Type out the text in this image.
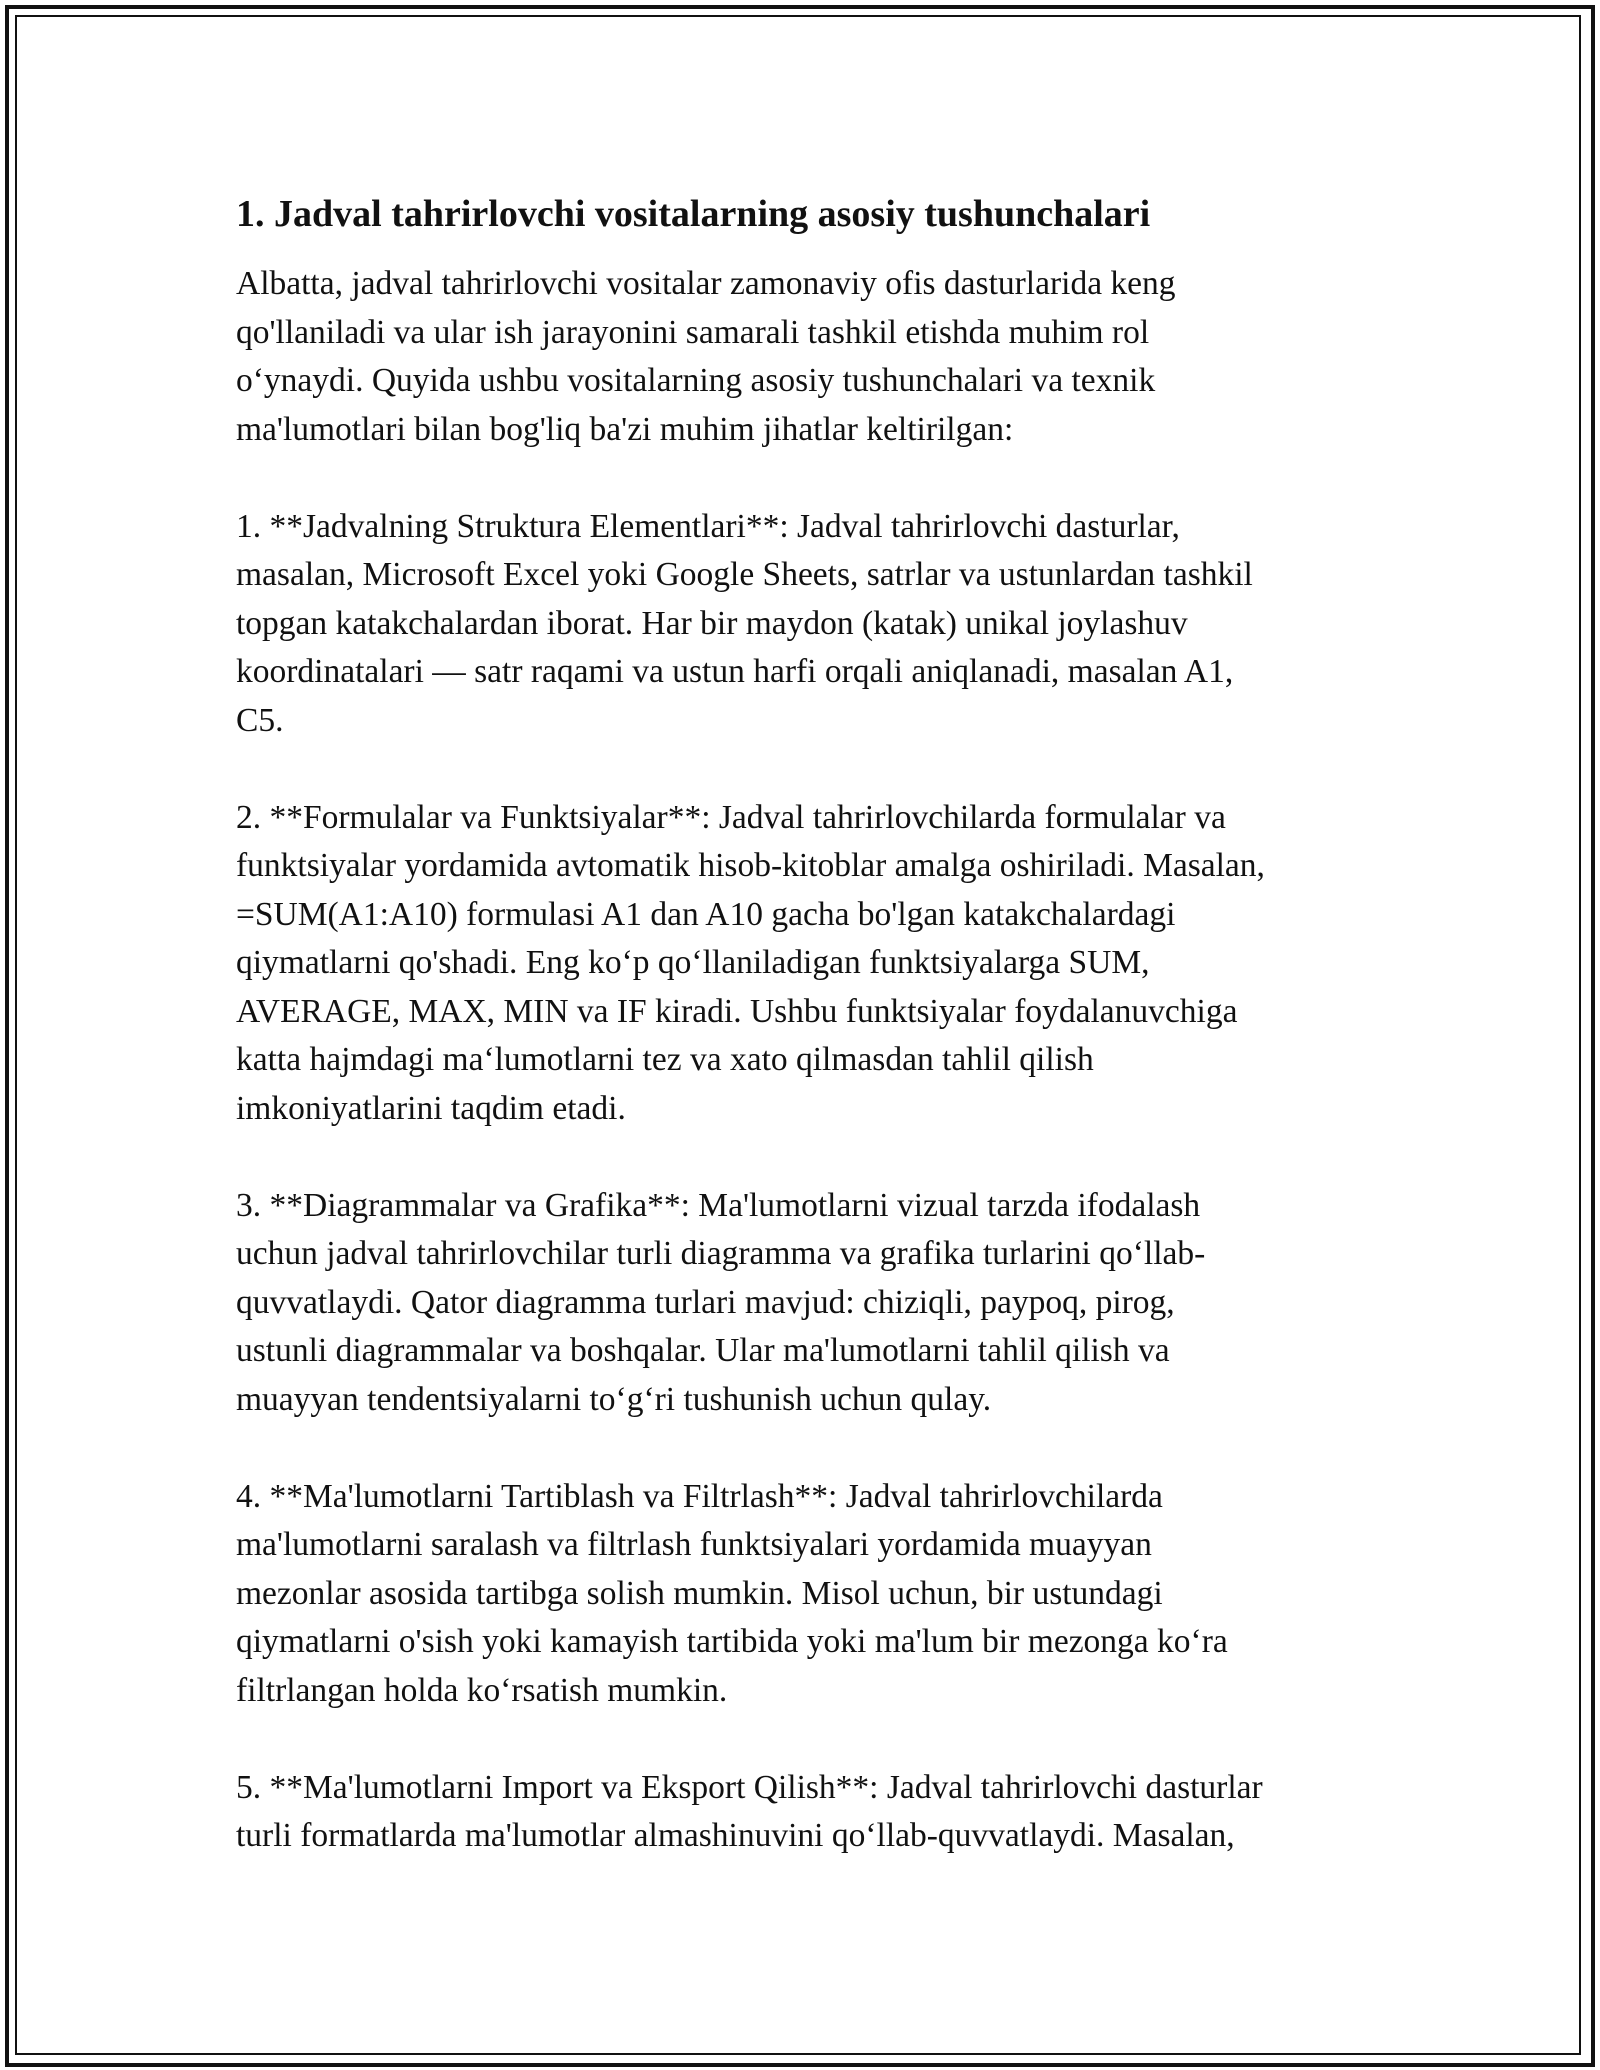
1. Jadval tahrirlovchi vositalarning asosiy tushunchalari

Albatta, jadval tahrirlovchi vositalar zamonaviy ofis dasturlarida keng
qo'llaniladi va ular ish jarayonini samarali tashkil etishda muhim rol
o‘ynaydi. Quyida ushbu vositalarning asosiy tushunchalari va texnik
ma'lumotlari bilan bog'liq ba'zi muhim jihatlar keltirilgan:

1. **Jadvalning Struktura Elementlari**: Jadval tahrirlovchi dasturlar,
masalan, Microsoft Excel yoki Google Sheets, satrlar va ustunlardan tashkil
topgan katakchalardan iborat. Har bir maydon (katak) unikal joylashuv
koordinatalari — satr raqami va ustun harfi orqali aniqlanadi, masalan A1,
C5.

2. **Formulalar va Funktsiyalar**: Jadval tahrirlovchilarda formulalar va
funktsiyalar yordamida avtomatik hisob-kitoblar amalga oshiriladi. Masalan,
=SUM(A1:A10) formulasi A1 dan A10 gacha bo'lgan katakchalardagi
qiymatlarni qo'shadi. Eng ko‘p qo‘llaniladigan funktsiyalarga SUM,
AVERAGE, MAX, MIN va IF kiradi. Ushbu funktsiyalar foydalanuvchiga
katta hajmdagi ma‘lumotlarni tez va xato qilmasdan tahlil qilish
imkoniyatlarini taqdim etadi.

3. **Diagrammalar va Grafika**: Ma'lumotlarni vizual tarzda ifodalash
uchun jadval tahrirlovchilar turli diagramma va grafika turlarini qo‘llab-
quvvatlaydi. Qator diagramma turlari mavjud: chiziqli, paypoq, pirog,
ustunli diagrammalar va boshqalar. Ular ma'lumotlarni tahlil qilish va
muayyan tendentsiyalarni to‘g‘ri tushunish uchun qulay.

4. **Ma'lumotlarni Tartiblash va Filtrlash**: Jadval tahrirlovchilarda
ma'lumotlarni saralash va filtrlash funktsiyalari yordamida muayyan
mezonlar asosida tartibga solish mumkin. Misol uchun, bir ustundagi
qiymatlarni o'sish yoki kamayish tartibida yoki ma'lum bir mezonga ko‘ra
filtrlangan holda ko‘rsatish mumkin.

5. **Ma'lumotlarni Import va Eksport Qilish**: Jadval tahrirlovchi dasturlar
turli formatlarda ma'lumotlar almashinuvini qo‘llab-quvvatlaydi. Masalan,
